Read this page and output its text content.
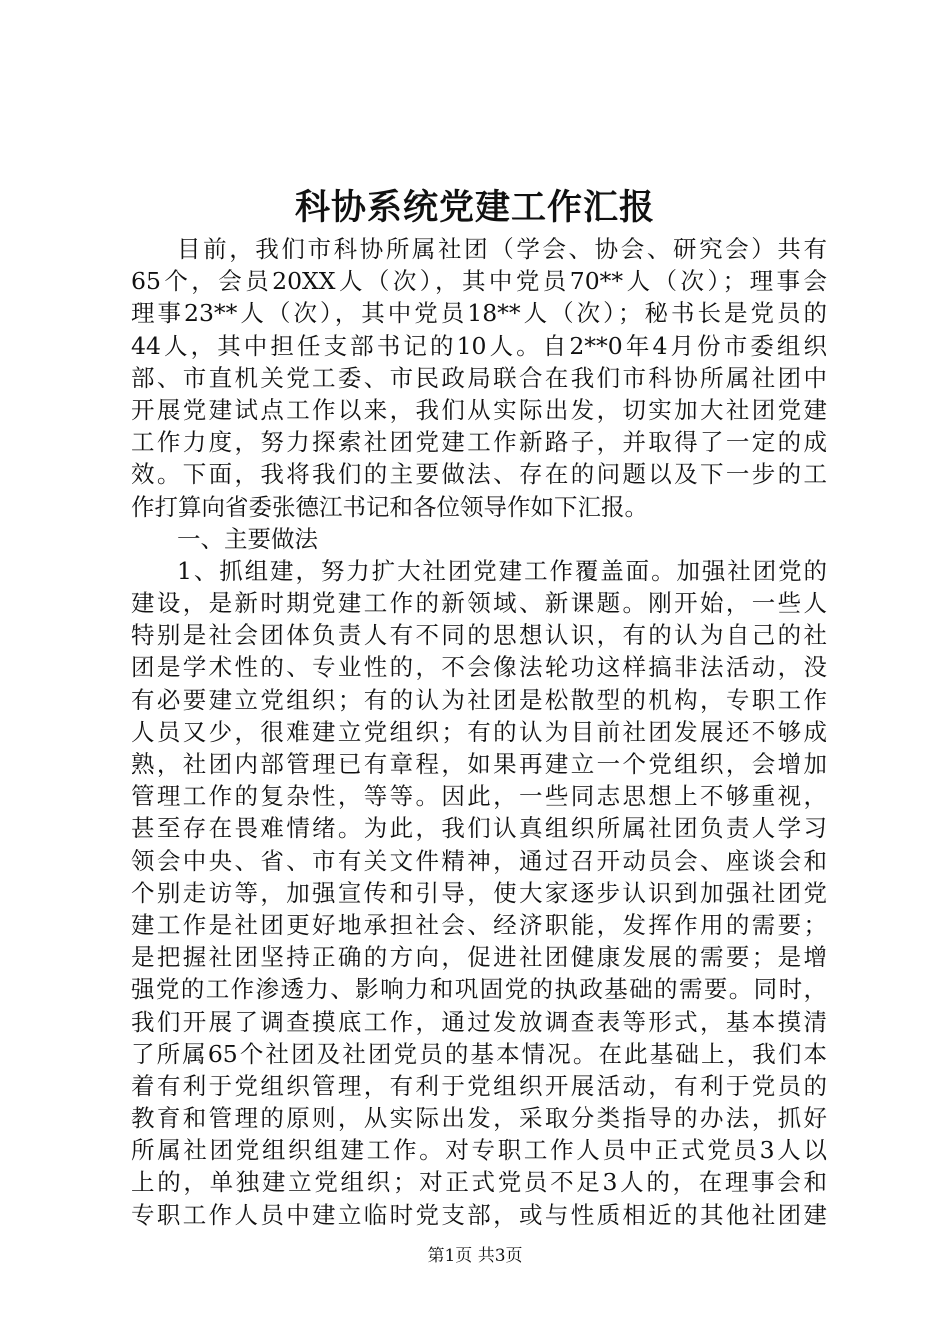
科协系统党建工作汇报
目前，我们市科协所属社团（学会、协会、研究会）共有
65个，会员20XX人（次），其中党员70**人（次）；理事会
理事23**人（次），其中党员18**人（次）；秘书长是党员的
44人，其中担任支部书记的10人。自2**0年4月份市委组织
部、市直机关党工委、市民政局联合在我们市科协所属社团中
开展党建试点工作以来，我们从实际出发，切实加大社团党建
工作力度，努力探索社团党建工作新路子，并取得了一定的成
效。下面，我将我们的主要做法、存在的问题以及下一步的工
作打算向省委张德江书记和各位领导作如下汇报。
一、主要做法
1、抓组建，努力扩大社团党建工作覆盖面。加强社团党的
建设，是新时期党建工作的新领域、新课题。刚开始，一些人
特别是社会团体负责人有不同的思想认识，有的认为自己的社
团是学术性的、专业性的，不会像法轮功这样搞非法活动，没
有必要建立党组织；有的认为社团是松散型的机构，专职工作
人员又少，很难建立党组织；有的认为目前社团发展还不够成
熟，社团内部管理已有章程，如果再建立一个党组织，会增加
管理工作的复杂性，等等。因此，一些同志思想上不够重视，
甚至存在畏难情绪。为此，我们认真组织所属社团负责人学习
领会中央、省、市有关文件精神，通过召开动员会、座谈会和
个别走访等，加强宣传和引导，使大家逐步认识到加强社团党
建工作是社团更好地承担社会、经济职能，发挥作用的需要；
是把握社团坚持正确的方向，促进社团健康发展的需要；是增
强党的工作渗透力、影响力和巩固党的执政基础的需要。同时，
我们开展了调查摸底工作，通过发放调查表等形式，基本摸清
了所属65个社团及社团党员的基本情况。在此基础上，我们本
着有利于党组织管理，有利于党组织开展活动，有利于党员的
教育和管理的原则，从实际出发，采取分类指导的办法，抓好
所属社团党组织组建工作。对专职工作人员中正式党员3人以
上的，单独建立党组织；对正式党员不足3人的，在理事会和
专职工作人员中建立临时党支部，或与性质相近的其他社团建
第1页 共3页
